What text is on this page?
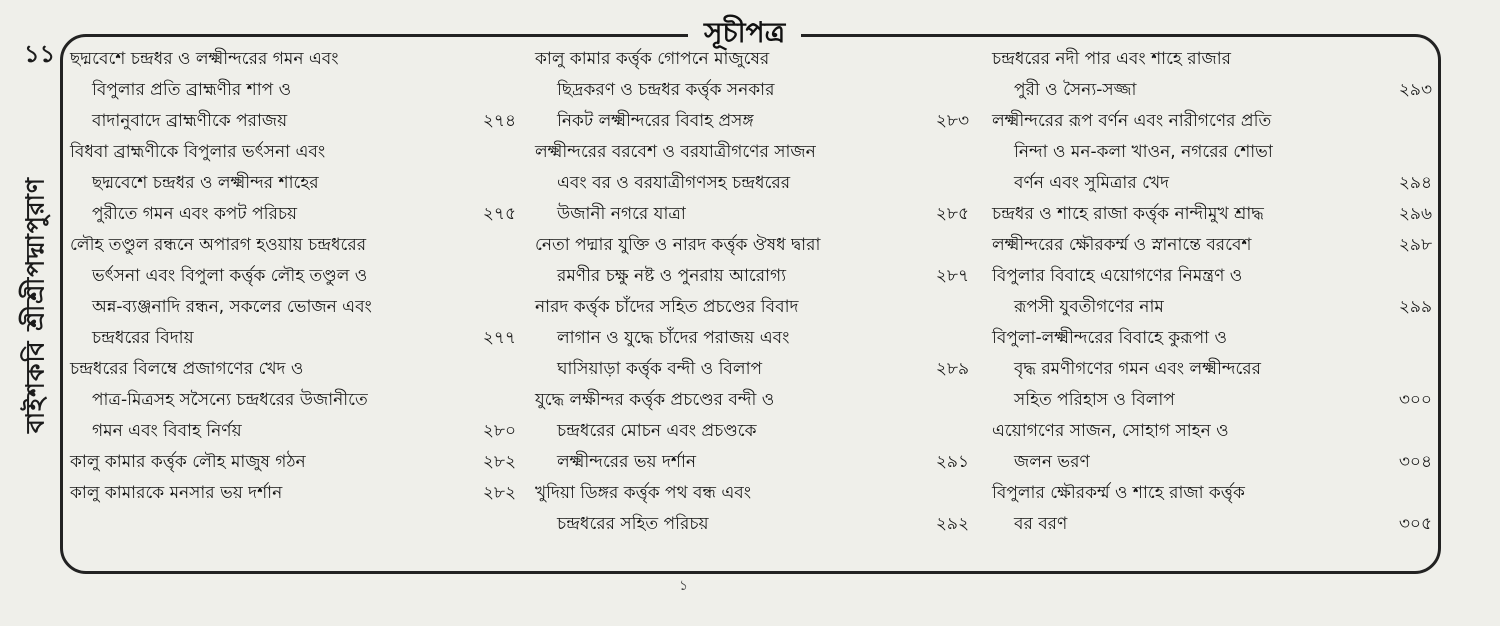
১১
বাইশকবি শ্রীশ্রীপদ্মাপুরাণ
সূচীপত্র
ছদ্মবেশে চন্দ্রধর ও লক্ষ্মীন্দরের গমন এবং
বিপুলার প্রতি ব্রাহ্মণীর শাপ ও
বাদানুবাদে ব্রাহ্মণীকে পরাজয়	২৭৪
বিধবা ব্রাহ্মণীকে বিপুলার ভর্ৎসনা এবং
ছদ্মবেশে চন্দ্রধর ও লক্ষ্মীন্দর শাহের
পুরীতে গমন এবং কপট পরিচয়	২৭৫
লৌহ তণ্ডুল রন্ধনে অপারগ হওয়ায় চন্দ্রধরের
ভর্ৎসনা এবং বিপুলা কর্ত্তৃক লৌহ তণ্ডুল ও
অন্ন-ব্যঞ্জনাদি রন্ধন, সকলের ভোজন এবং
চন্দ্রধরের বিদায়	২৭৭
চন্দ্রধরের বিলম্বে প্রজাগণের খেদ ও
পাত্র-মিত্রসহ সসৈন্যে চন্দ্রধরের উজানীতে
গমন এবং বিবাহ নির্ণয়	২৮০
কালু কামার কর্ত্তৃক লৌহ মাজুষ গঠন	২৮২
কালু কামারকে মনসার ভয় দর্শান	২৮২
কালু কামার কর্ত্তৃক গোপনে মাজুষের
ছিদ্রকরণ ও চন্দ্রধর কর্ত্তৃক সনকার
নিকট লক্ষ্মীন্দরের বিবাহ প্রসঙ্গ	২৮৩
লক্ষ্মীন্দরের বরবেশ ও বরযাত্রীগণের সাজন
এবং বর ও বরযাত্রীগণসহ চন্দ্রধরের
উজানী নগরে যাত্রা	২৮৫
নেতা পদ্মার যুক্তি ও নারদ কর্ত্তৃক ঔষধ দ্বারা
রমণীর চক্ষু নষ্ট ও পুনরায় আরোগ্য	২৮৭
নারদ কর্ত্তৃক চাঁদের সহিত প্রচণ্ডের বিবাদ
লাগান ও যুদ্ধে চাঁদের পরাজয় এবং
ঘাসিয়াড়া কর্ত্তৃক বন্দী ও বিলাপ	২৮৯
যুদ্ধে লক্ষীন্দর কর্ত্তৃক প্রচণ্ডের বন্দী ও
চন্দ্রধরের মোচন এবং প্রচণ্ডকে
লক্ষ্মীন্দরের ভয় দর্শান	২৯১
খুদিয়া ডিঙ্গর কর্ত্তৃক পথ বন্ধ এবং
চন্দ্রধরের সহিত পরিচয়	২৯২
চন্দ্রধরের নদী পার এবং শাহে রাজার
পুরী ও সৈন্য-সজ্জা	২৯৩
লক্ষ্মীন্দরের রূপ বর্ণন এবং নারীগণের প্রতি
নিন্দা ও মন-কলা খাওন, নগরের শোভা
বর্ণন এবং সুমিত্রার খেদ	২৯৪
চন্দ্রধর ও শাহে রাজা কর্ত্তৃক নান্দীমুখ শ্রাদ্ধ	২৯৬
লক্ষ্মীন্দরের ক্ষৌরকর্ম্ম ও স্নানান্তে বরবেশ	২৯৮
বিপুলার বিবাহে এয়োগণের নিমন্ত্রণ ও
রূপসী যুবতীগণের নাম	২৯৯
বিপুলা-লক্ষ্মীন্দরের বিবাহে কুরূপা ও
বৃদ্ধ রমণীগণের গমন এবং লক্ষ্মীন্দরের
সহিত পরিহাস ও বিলাপ	৩০০
এয়োগণের সাজন, সোহাগ সাহন ও
জলন ভরণ	৩০৪
বিপুলার ক্ষৌরকর্ম্ম ও শাহে রাজা কর্ত্তৃক
বর বরণ	৩০৫
১
